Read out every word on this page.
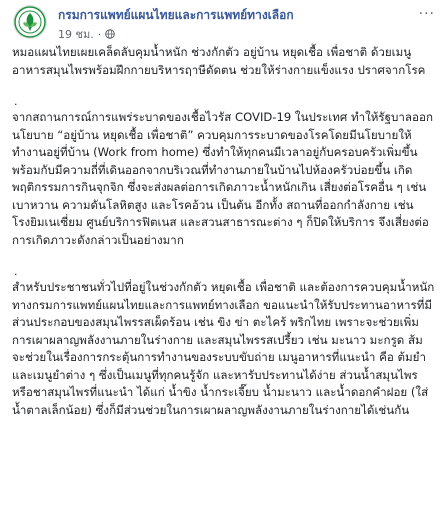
กรมการแพทย์แผนไทยและการแพทย์ทางเลือก
19 ชม. ·
···

หมอแผนไทยเผยเคล็ดลับคุมน้ำหนัก ช่วงกักตัว อยู่บ้าน หยุดเชื้อ เพื่อชาติ ด้วยเมนูอาหารสมุนไพรพร้อมฝึกกายบริหารฤาษีดัดตน ช่วยให้ร่างกายแข็งแรง ปราศจากโรค

.

จากสถานการณ์การแพร่ระบาดของเชื้อไวรัส COVID-19 ในประเทศ ทำให้รัฐบาลออกนโยบาย “อยู่บ้าน หยุดเชื้อ เพื่อชาติ” ควบคุมการระบาดของโรคโดยมีนโยบายให้ทำงานอยู่ที่บ้าน (Work from home) ซึ่งทำให้ทุกคนมีเวลาอยู่กับครอบครัวเพิ่มขึ้น พร้อมกับมีความถี่ที่เดินออกจากบริเวณที่ทำงานภายในบ้านไปห้องครัวบ่อยขึ้น เกิดพฤติกรรมการกินจุกจิก ซึ่งจะส่งผลต่อการเกิดภาวะน้ำหนักเกิน เสี่ยงต่อโรคอื่น ๆ เช่น เบาหวาน ความดันโลหิตสูง และโรคอ้วน เป็นต้น อีกทั้ง สถานที่ออกกำลังกาย เช่น โรงยิมเนเซี่ยม ศูนย์บริการฟิตเนส และสวนสาธารณะต่าง ๆ ก็ปิดให้บริการ จึงเสี่ยงต่อการเกิดภาวะดังกล่าวเป็นอย่างมาก

.

สำหรับประชาชนทั่วไปที่อยู่ในช่วงกักตัว หยุดเชื้อ เพื่อชาติ และต้องการควบคุมน้ำหนัก ทางกรมการแพทย์แผนไทยและการแพทย์ทางเลือก ขอแนะนำให้รับประทานอาหารที่มีส่วนประกอบของสมุนไพรรสเผ็ดร้อน เช่น ขิง ข่า ตะไคร้ พริกไทย เพราะจะช่วยเพิ่มการเผาผลาญพลังงานภายในร่างกาย และสมุนไพรรสเปรี้ยว เช่น มะนาว มะกรูด ส้ม จะช่วยในเรื่องการกระตุ้นการทำงานของระบบขับถ่าย เมนูอาหารที่แนะนำ คือ ต้มยำ และเมนูยำต่าง ๆ ซึ่งเป็นเมนูที่ทุกคนรู้จัก และหารับประทานได้ง่าย ส่วนน้ำสมุนไพรหรือชาสมุนไพรที่แนะนำ ได้แก่ น้ำขิง น้ำกระเจี๊ยบ น้ำมะนาว และน้ำดอกคำฝอย (ใส่น้ำตาลเล็กน้อย) ซึ่งก็มีส่วนช่วยในการเผาผลาญพลังงานภายในร่างกายได้เช่นกัน
